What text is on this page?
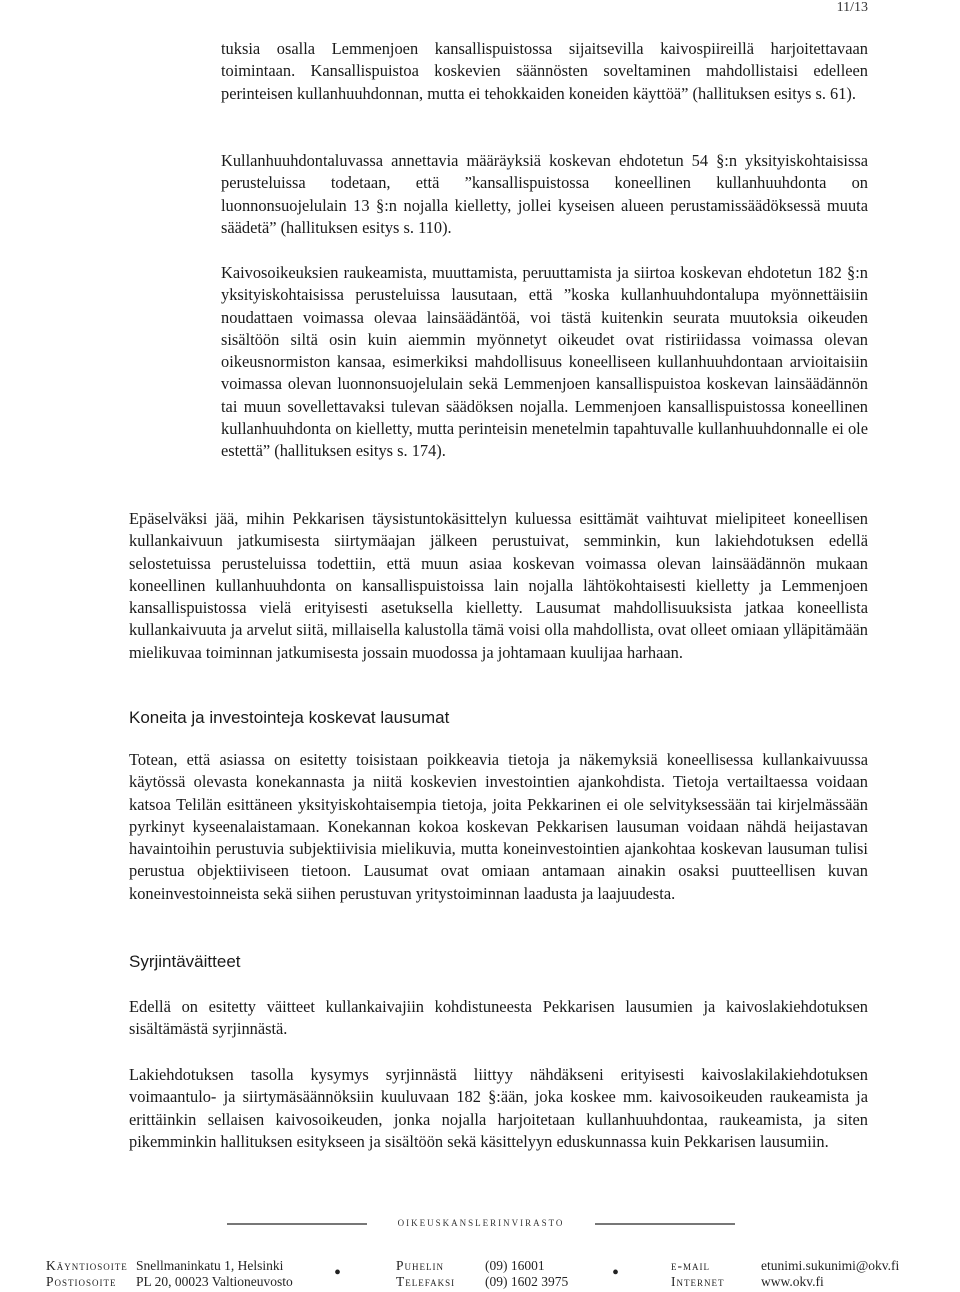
11/13

tuksia osalla Lemmenjoen kansallispuistossa sijaitsevilla kaivospiireillä harjoitettavaan toimintaan. Kansallispuistoa koskevien säännösten soveltaminen mahdollistaisi edelleen perinteisen kullanhuuhdonnan, mutta ei tehokkaiden koneiden käyttöä” (hallituksen esitys s. 61).

Kullanhuuhdontaluvassa annettavia määräyksiä koskevan ehdotetun 54 §:n yksityiskohtaisissa perusteluissa todetaan, että ”kansallispuistossa koneellinen kullanhuuhdonta on luonnonsuojelulain 13 §:n nojalla kielletty, jollei kyseisen alueen perustamissäädöksessä muuta säädetä” (hallituksen esitys s. 110).

Kaivosoikeuksien raukeamista, muuttamista, peruuttamista ja siirtoa koskevan ehdotetun 182 §:n yksityiskohtaisissa perusteluissa lausutaan, että ”koska kullanhuuhdontalupa myönnettäisiin noudattaen voimassa olevaa lainsäädäntöä, voi tästä kuitenkin seurata muutoksia oikeuden sisältöön siltä osin kuin aiemmin myönnetyt oikeudet ovat ristiriidassa voimassa olevan oikeusnormiston kansaa, esimerkiksi mahdollisuus koneelliseen kullanhuuhdontaan arvioitaisiin voimassa olevan luonnonsuojelulain sekä Lemmenjoen kansallispuistoa koskevan lainsäädännön tai muun sovellettavaksi tulevan säädöksen nojalla. Lemmenjoen kansallispuistossa koneellinen kullanhuuhdonta on kielletty, mutta perinteisin menetelmin tapahtuvalle kullanhuuhdonnalle ei ole estettä” (hallituksen esitys s. 174).

Epäselväksi jää, mihin Pekkarisen täysistuntokäsittelyn kuluessa esittämät vaihtuvat mielipiteet koneellisen kullankaivuun jatkumisesta siirtymäajan jälkeen perustuivat, semminkin, kun lakiehdotuksen edellä selostetuissa perusteluissa todettiin, että muun asiaa koskevan voimassa olevan lainsäädännön mukaan koneellinen kullanhuuhdonta on kansallispuistoissa lain nojalla lähtökohtaisesti kielletty ja Lemmenjoen kansallispuistossa vielä erityisesti asetuksella kielletty. Lausumat mahdollisuuksista jatkaa koneellista kullankaivuuta ja arvelut siitä, millaisella kalustolla tämä voisi olla mahdollista, ovat olleet omiaan ylläpitämään mielikuvaa toiminnan jatkumisesta jossain muodossa ja johtamaan kuulijaa harhaan.

Koneita ja investointeja koskevat lausumat

Totean, että asiassa on esitetty toisistaan poikkeavia tietoja ja näkemyksiä koneellisessa kullankaivuussa käytössä olevasta konekannasta ja niitä koskevien investointien ajankohdista. Tietoja vertailtaessa voidaan katsoa Telilän esittäneen yksityiskohtaisempia tietoja, joita Pekkarinen ei ole selvityksessään tai kirjelmässään pyrkinyt kyseenalaistamaan. Konekannan kokoa koskevan Pekkarisen lausuman voidaan nähdä heijastavan havaintoihin perustuvia subjektiivisia mielikuvia, mutta koneinvestointien ajankohtaa koskevan lausuman tulisi perustua objektiiviseen tietoon. Lausumat ovat omiaan antamaan ainakin osaksi puutteellisen kuvan koneinvestoinneista sekä siihen perustuvan yritystoiminnan laadusta ja laajuudesta.

Syrjintäväitteet

Edellä on esitetty väitteet kullankaivajiin kohdistuneesta Pekkarisen lausumien ja kaivoslakiehdotuksen sisältämästä syrjinnästä.

Lakiehdotuksen tasolla kysymys syrjinnästä liittyy nähdäkseni erityisesti kaivoslakilakiehdotuksen voimaantulo- ja siirtymäsäännöksiin kuuluvaan 182 §:ään, joka koskee mm. kaivosoikeuden raukeamista ja erittäinkin sellaisen kaivosoikeuden, jonka nojalla harjoitetaan kullanhuuhdontaa, raukeamista, ja siten pikemminkin hallituksen esitykseen ja sisältöön sekä käsittelyyn eduskunnassa kuin Pekkarisen lausumiin.

oikeuskanslerinvirasto
Käyntiosoite Snellmaninkatu 1, Helsinki	•	Puhelin	(09) 16001	•	e-mail	etunimi.sukunimi@okv.fi
Postiosoite PL 20, 00023 Valtioneuvosto	Telefaksi (09) 1602 3975	Internet	www.okv.fi
